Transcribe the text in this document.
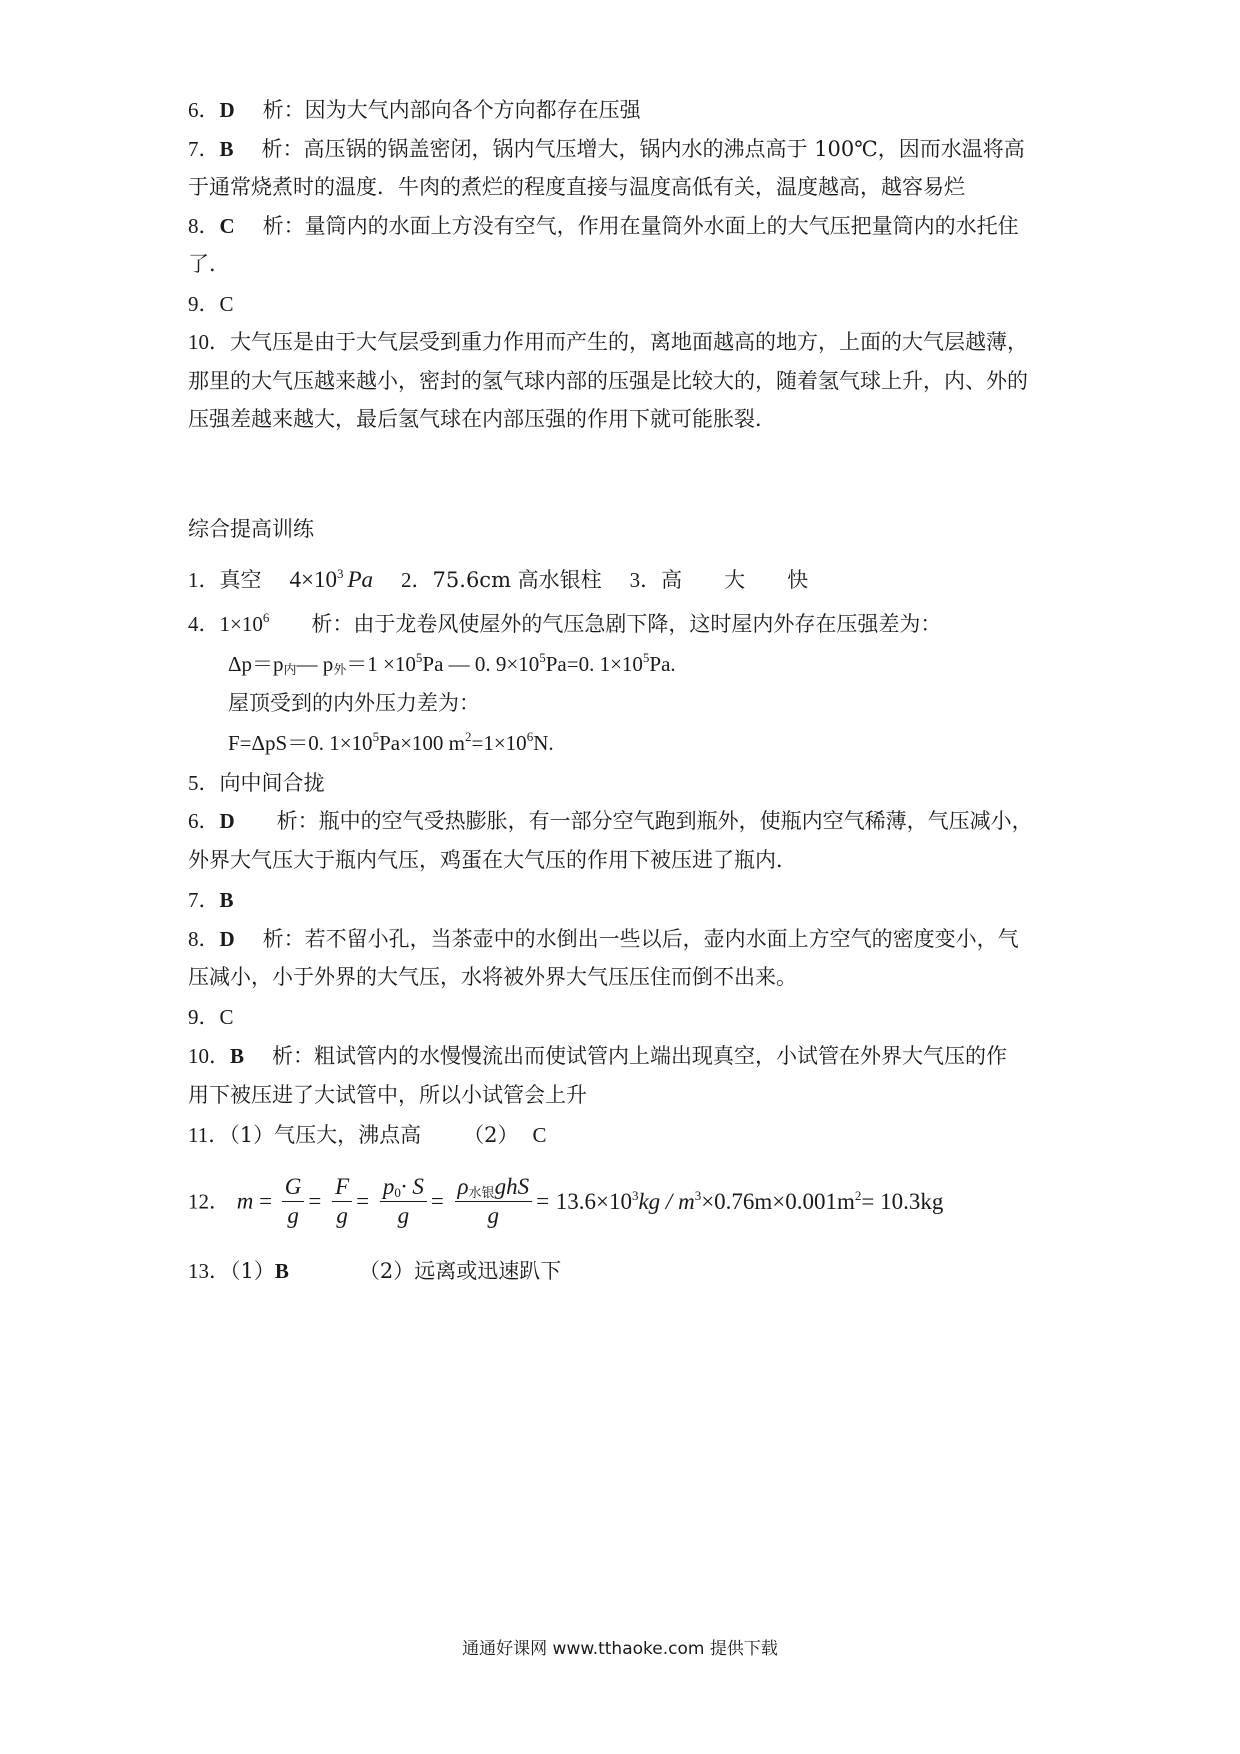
6．D 析：因为大气内部向各个方向都存在压强
7．B 析：高压锅的锅盖密闭，锅内气压增大，锅内水的沸点高于 100℃，因而水温将高
于通常烧煮时的温度．牛肉的煮烂的程度直接与温度高低有关，温度越高，越容易烂
8．C 析：量筒内的水面上方没有空气，作用在量筒外水面上的大气压把量筒内的水托住
了．
9．C
10．大气压是由于大气层受到重力作用而产生的，离地面越高的地方，上面的大气层越薄，
那里的大气压越来越小，密封的氢气球内部的压强是比较大的，随着氢气球上升，内、外的
压强差越来越大，最后氢气球在内部压强的作用下就可能胀裂．
综合提高训练
1．真空 $4\times 10^3$ Pa 2．75.6cm 高水银柱 3．高 大 快
4．$1\times 10^6$ 析：由于龙卷风使屋外的气压急剧下降，这时屋内外存在压强差为：
$\Delta p=p_内—$ $p_外=1 \times 10^5Pa$ — 0. $9\times 10^5Pa=0$. $1\times 10^5Pa$.
屋顶受到的内外压力差为：
F=ΔpS＝0. $1\times 10^5Pa\times 100$ $m^2=1\times 10^6N$.
5．向中间合拢
6．D 析：瓶中的空气受热膨胀，有一部分空气跑到瓶外，使瓶内空气稀薄，气压减小，
外界大气压大于瓶内气压，鸡蛋在大气压的作用下被压进了瓶内．
7．B
8．D 析：若不留小孔，当茶壶中的水倒出一些以后，壶内水面上方空气的密度变小，气
压减小，小于外界的大气压，水将被外界大气压压住而倒不出来。
9．C
10．B 析：粗试管内的水慢慢流出而使试管内上端出现真空，小试管在外界大气压的作
用下被压进了大试管中，所以小试管会上升
11．（1）气压大，沸点高 （2） C
12． $m = \frac{G}{g} = \frac{F}{g} = \frac{p_0\cdot S}{g} = \frac{\rho_{水银}ghS}{g} = 13.6\times 10^3kg / m^3\times 0.76m\times 0.001m^2= 10.3kg$
13．（1）B	（2）远离或迅速趴下
通通好课网 www.tthaoke.com 提供下载
